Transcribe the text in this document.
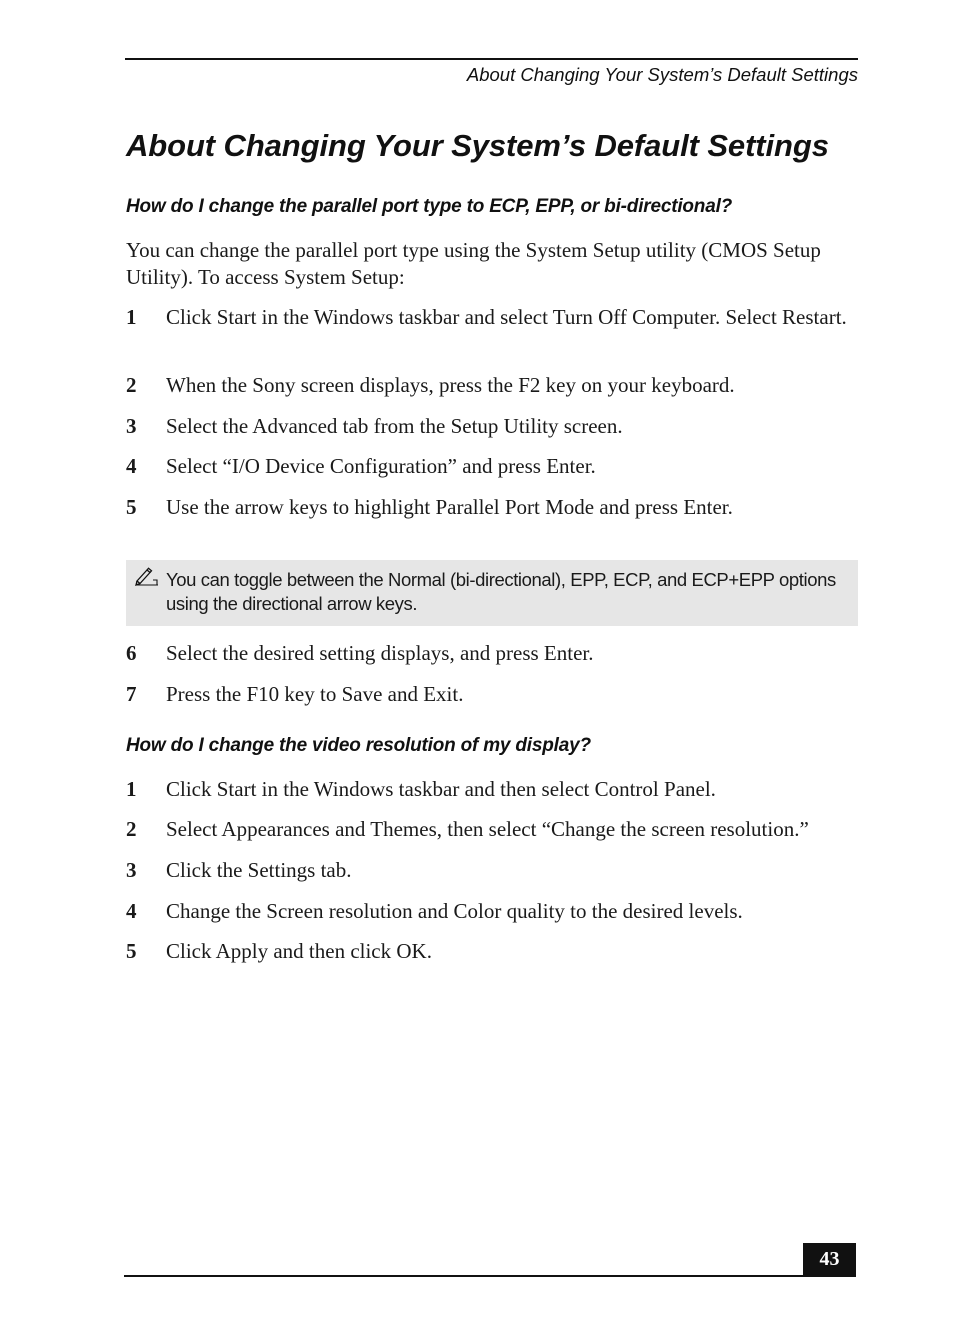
About Changing Your System’s Default Settings
About Changing Your System’s Default Settings
How do I change the parallel port type to ECP, EPP, or bi-directional?

You can change the parallel port type using the System Setup utility (CMOS Setup Utility). To access System Setup:

1 Click Start in the Windows taskbar and select Turn Off Computer. Select Restart.
2 When the Sony screen displays, press the F2 key on your keyboard.
3 Select the Advanced tab from the Setup Utility screen.
4 Select “I/O Device Configuration” and press Enter.
5 Use the arrow keys to highlight Parallel Port Mode and press Enter.
You can toggle between the Normal (bi-directional), EPP, ECP, and ECP+EPP options using the directional arrow keys.
6 Select the desired setting displays, and press Enter.
7 Press the F10 key to Save and Exit.
How do I change the video resolution of my display?
1 Click Start in the Windows taskbar and then select Control Panel.
2 Select Appearances and Themes, then select “Change the screen resolution.”
3 Click the Settings tab.
4 Change the Screen resolution and Color quality to the desired levels.
5 Click Apply and then click OK.
43
